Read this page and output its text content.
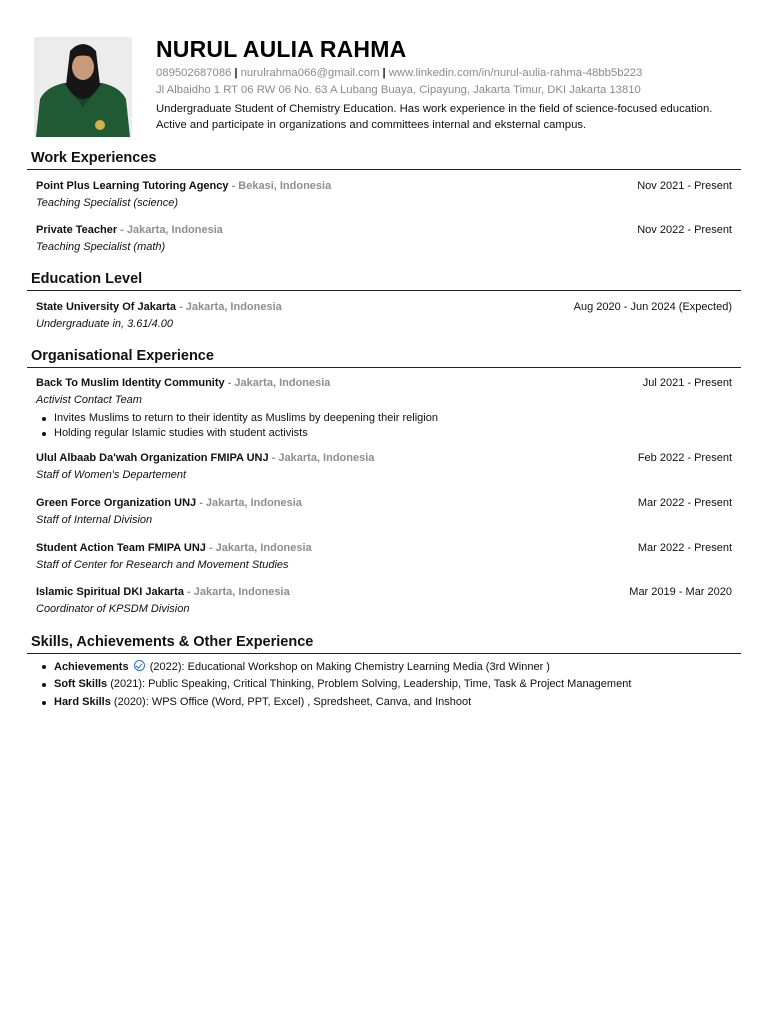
NURUL AULIA RAHMA
089502687086 | nurulrahma066@gmail.com | www.linkedin.com/in/nurul-aulia-rahma-48bb5b223
Jl Albaidho 1 RT 06 RW 06 No. 63 A Lubang Buaya, Cipayung, Jakarta Timur, DKI Jakarta 13810
Undergraduate Student of Chemistry Education. Has work experience in the field of science-focused education.
Active and participate in organizations and committees internal and eksternal campus.
Work Experiences
Point Plus Learning Tutoring Agency - Bekasi, Indonesia	Nov 2021 - Present
Teaching Specialist (science)
Private Teacher - Jakarta, Indonesia	Nov 2022 - Present
Teaching Specialist (math)
Education Level
State University Of Jakarta - Jakarta, Indonesia	Aug 2020 - Jun 2024 (Expected)
Undergraduate in, 3.61/4.00
Organisational Experience
Back To Muslim Identity Community - Jakarta, Indonesia	Jul 2021 - Present
Activist Contact Team
Invites Muslims to return to their identity as Muslims by deepening their religion
Holding regular Islamic studies with student activists
Ulul Albaab Da'wah Organization FMIPA UNJ - Jakarta, Indonesia	Feb 2022 - Present
Staff of Women's Departement
Green Force Organization UNJ - Jakarta, Indonesia	Mar 2022 - Present
Staff of Internal Division
Student Action Team FMIPA UNJ - Jakarta, Indonesia	Mar 2022 - Present
Staff of Center for Research and Movement Studies
Islamic Spiritual DKI Jakarta - Jakarta, Indonesia	Mar 2019 - Mar 2020
Coordinator of KPSDM Division
Skills, Achievements & Other Experience
Achievements  (2022): Educational Workshop on Making Chemistry Learning Media (3rd Winner )
Soft Skills (2021): Public Speaking, Critical Thinking, Problem Solving, Leadership, Time, Task & Project Management
Hard Skills (2020): WPS Office (Word, PPT, Excel) , Spredsheet, Canva, and Inshoot
